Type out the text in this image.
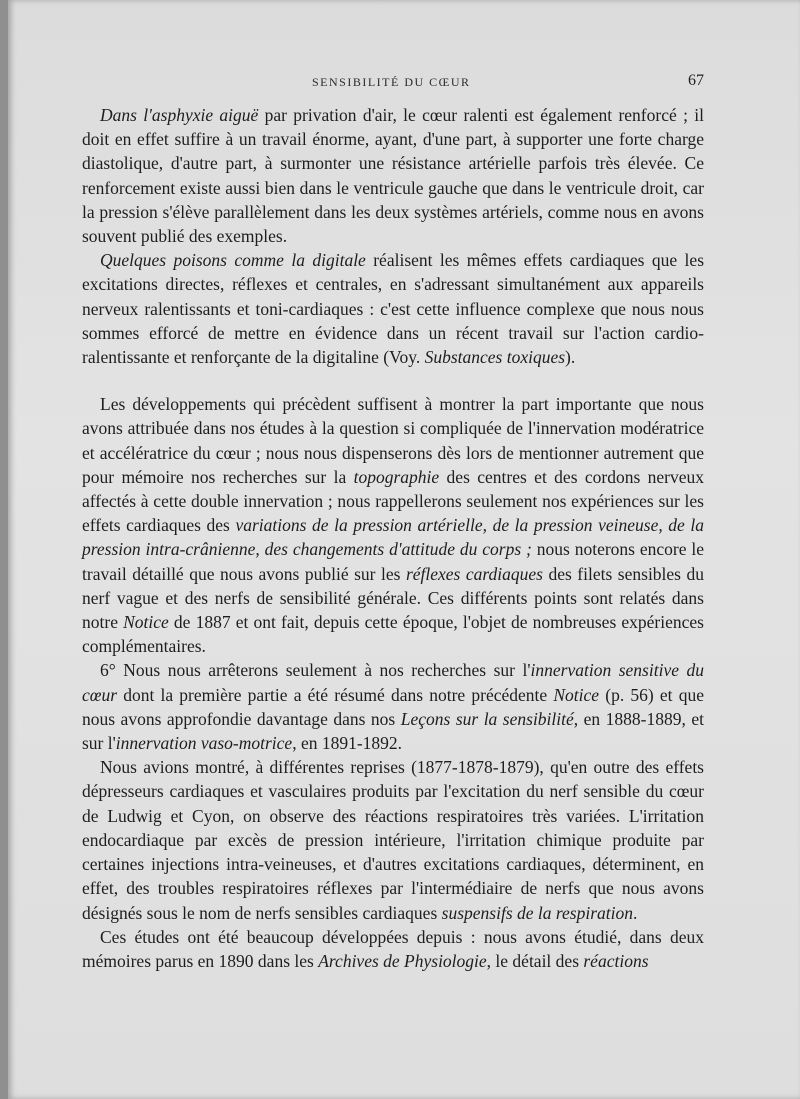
SENSIBILITÉ DU CŒUR	67

Dans l'asphyxie aiguë par privation d'air, le cœur ralenti est également renforcé ; il doit en effet suffire à un travail énorme, ayant, d'une part, à supporter une forte charge diastolique, d'autre part, à surmonter une résistance artérielle parfois très élevée. Ce renforcement existe aussi bien dans le ventricule gauche que dans le ventricule droit, car la pression s'élève parallèlement dans les deux systèmes artériels, comme nous en avons souvent publié des exemples.

Quelques poisons comme la digitale réalisent les mêmes effets cardiaques que les excitations directes, réflexes et centrales, en s'adressant simultanément aux appareils nerveux ralentissants et toni-cardiaques : c'est cette influence complexe que nous nous sommes efforcé de mettre en évidence dans un récent travail sur l'action cardio-ralentissante et renforçante de la digitaline (Voy. Substances toxiques).

Les développements qui précèdent suffisent à montrer la part importante que nous avons attribuée dans nos études à la question si compliquée de l'innervation modératrice et accélératrice du cœur ; nous nous dispenserons dès lors de mentionner autrement que pour mémoire nos recherches sur la topographie des centres et des cordons nerveux affectés à cette double innervation ; nous rappellerons seulement nos expériences sur les effets cardiaques des variations de la pression artérielle, de la pression veineuse, de la pression intra-crânienne, des changements d'attitude du corps ; nous noterons encore le travail détaillé que nous avons publié sur les réflexes cardiaques des filets sensibles du nerf vague et des nerfs de sensibilité générale. Ces différents points sont relatés dans notre Notice de 1887 et ont fait, depuis cette époque, l'objet de nombreuses expériences complémentaires.

6° Nous nous arrêterons seulement à nos recherches sur l'innervation sensitive du cœur dont la première partie a été résumé dans notre précédente Notice (p. 56) et que nous avons approfondie davantage dans nos Leçons sur la sensibilité, en 1888-1889, et sur l'innervation vaso-motrice, en 1891-1892.

Nous avions montré, à différentes reprises (1877-1878-1879), qu'en outre des effets dépresseurs cardiaques et vasculaires produits par l'excitation du nerf sensible du cœur de Ludwig et Cyon, on observe des réactions respiratoires très variées. L'irritation endocardiaque par excès de pression intérieure, l'irritation chimique produite par certaines injections intra-veineuses, et d'autres excitations cardiaques, déterminent, en effet, des troubles respiratoires réflexes par l'intermédiaire de nerfs que nous avons désignés sous le nom de nerfs sensibles cardiaques suspensifs de la respiration.

Ces études ont été beaucoup développées depuis : nous avons étudié, dans deux mémoires parus en 1890 dans les Archives de Physiologie, le détail des réactions
